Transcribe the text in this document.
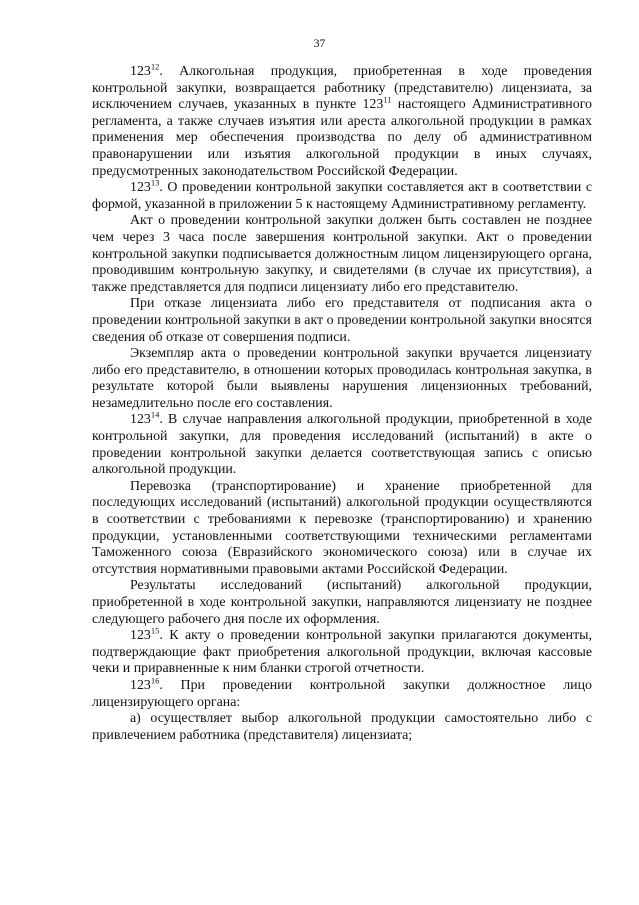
37

$123^{12}$. Алкогольная продукция, приобретенная в ходе проведения контрольной закупки, возвращается работнику (представителю) лицензиата, за исключением случаев, указанных в пункте $123^{11}$ настоящего Административного регламента, а также случаев изъятия или ареста алкогольной продукции в рамках применения мер обеспечения производства по делу об административном правонарушении или изъятия алкогольной продукции в иных случаях, предусмотренных законодательством Российской Федерации.

$123^{13}$. О проведении контрольной закупки составляется акт в соответствии с формой, указанной в приложении 5 к настоящему Административному регламенту.

Акт о проведении контрольной закупки должен быть составлен не позднее чем через 3 часа после завершения контрольной закупки. Акт о проведении контрольной закупки подписывается должностным лицом лицензирующего органа, проводившим контрольную закупку, и свидетелями (в случае их присутствия), а также представляется для подписи лицензиату либо его представителю.

При отказе лицензиата либо его представителя от подписания акта о проведении контрольной закупки в акт о проведении контрольной закупки вносятся сведения об отказе от совершения подписи.

Экземпляр акта о проведении контрольной закупки вручается лицензиату либо его представителю, в отношении которых проводилась контрольная закупка, в результате которой были выявлены нарушения лицензионных требований, незамедлительно после его составления.

$123^{14}$. В случае направления алкогольной продукции, приобретенной в ходе контрольной закупки, для проведения исследований (испытаний) в акте о проведении контрольной закупки делается соответствующая запись с описью алкогольной продукции.

Перевозка (транспортирование) и хранение приобретенной для последующих исследований (испытаний) алкогольной продукции осуществляются в соответствии с требованиями к перевозке (транспортированию) и хранению продукции, установленными соответствующими техническими регламентами Таможенного союза (Евразийского экономического союза) или в случае их отсутствия нормативными правовыми актами Российской Федерации.

Результаты исследований (испытаний) алкогольной продукции, приобретенной в ходе контрольной закупки, направляются лицензиату не позднее следующего рабочего дня после их оформления.

$123^{15}$. К акту о проведении контрольной закупки прилагаются документы, подтверждающие факт приобретения алкогольной продукции, включая кассовые чеки и приравненные к ним бланки строгой отчетности.

$123^{16}$. При проведении контрольной закупки должностное лицо лицензирующего органа:

а) осуществляет выбор алкогольной продукции самостоятельно либо с привлечением работника (представителя) лицензиата;
